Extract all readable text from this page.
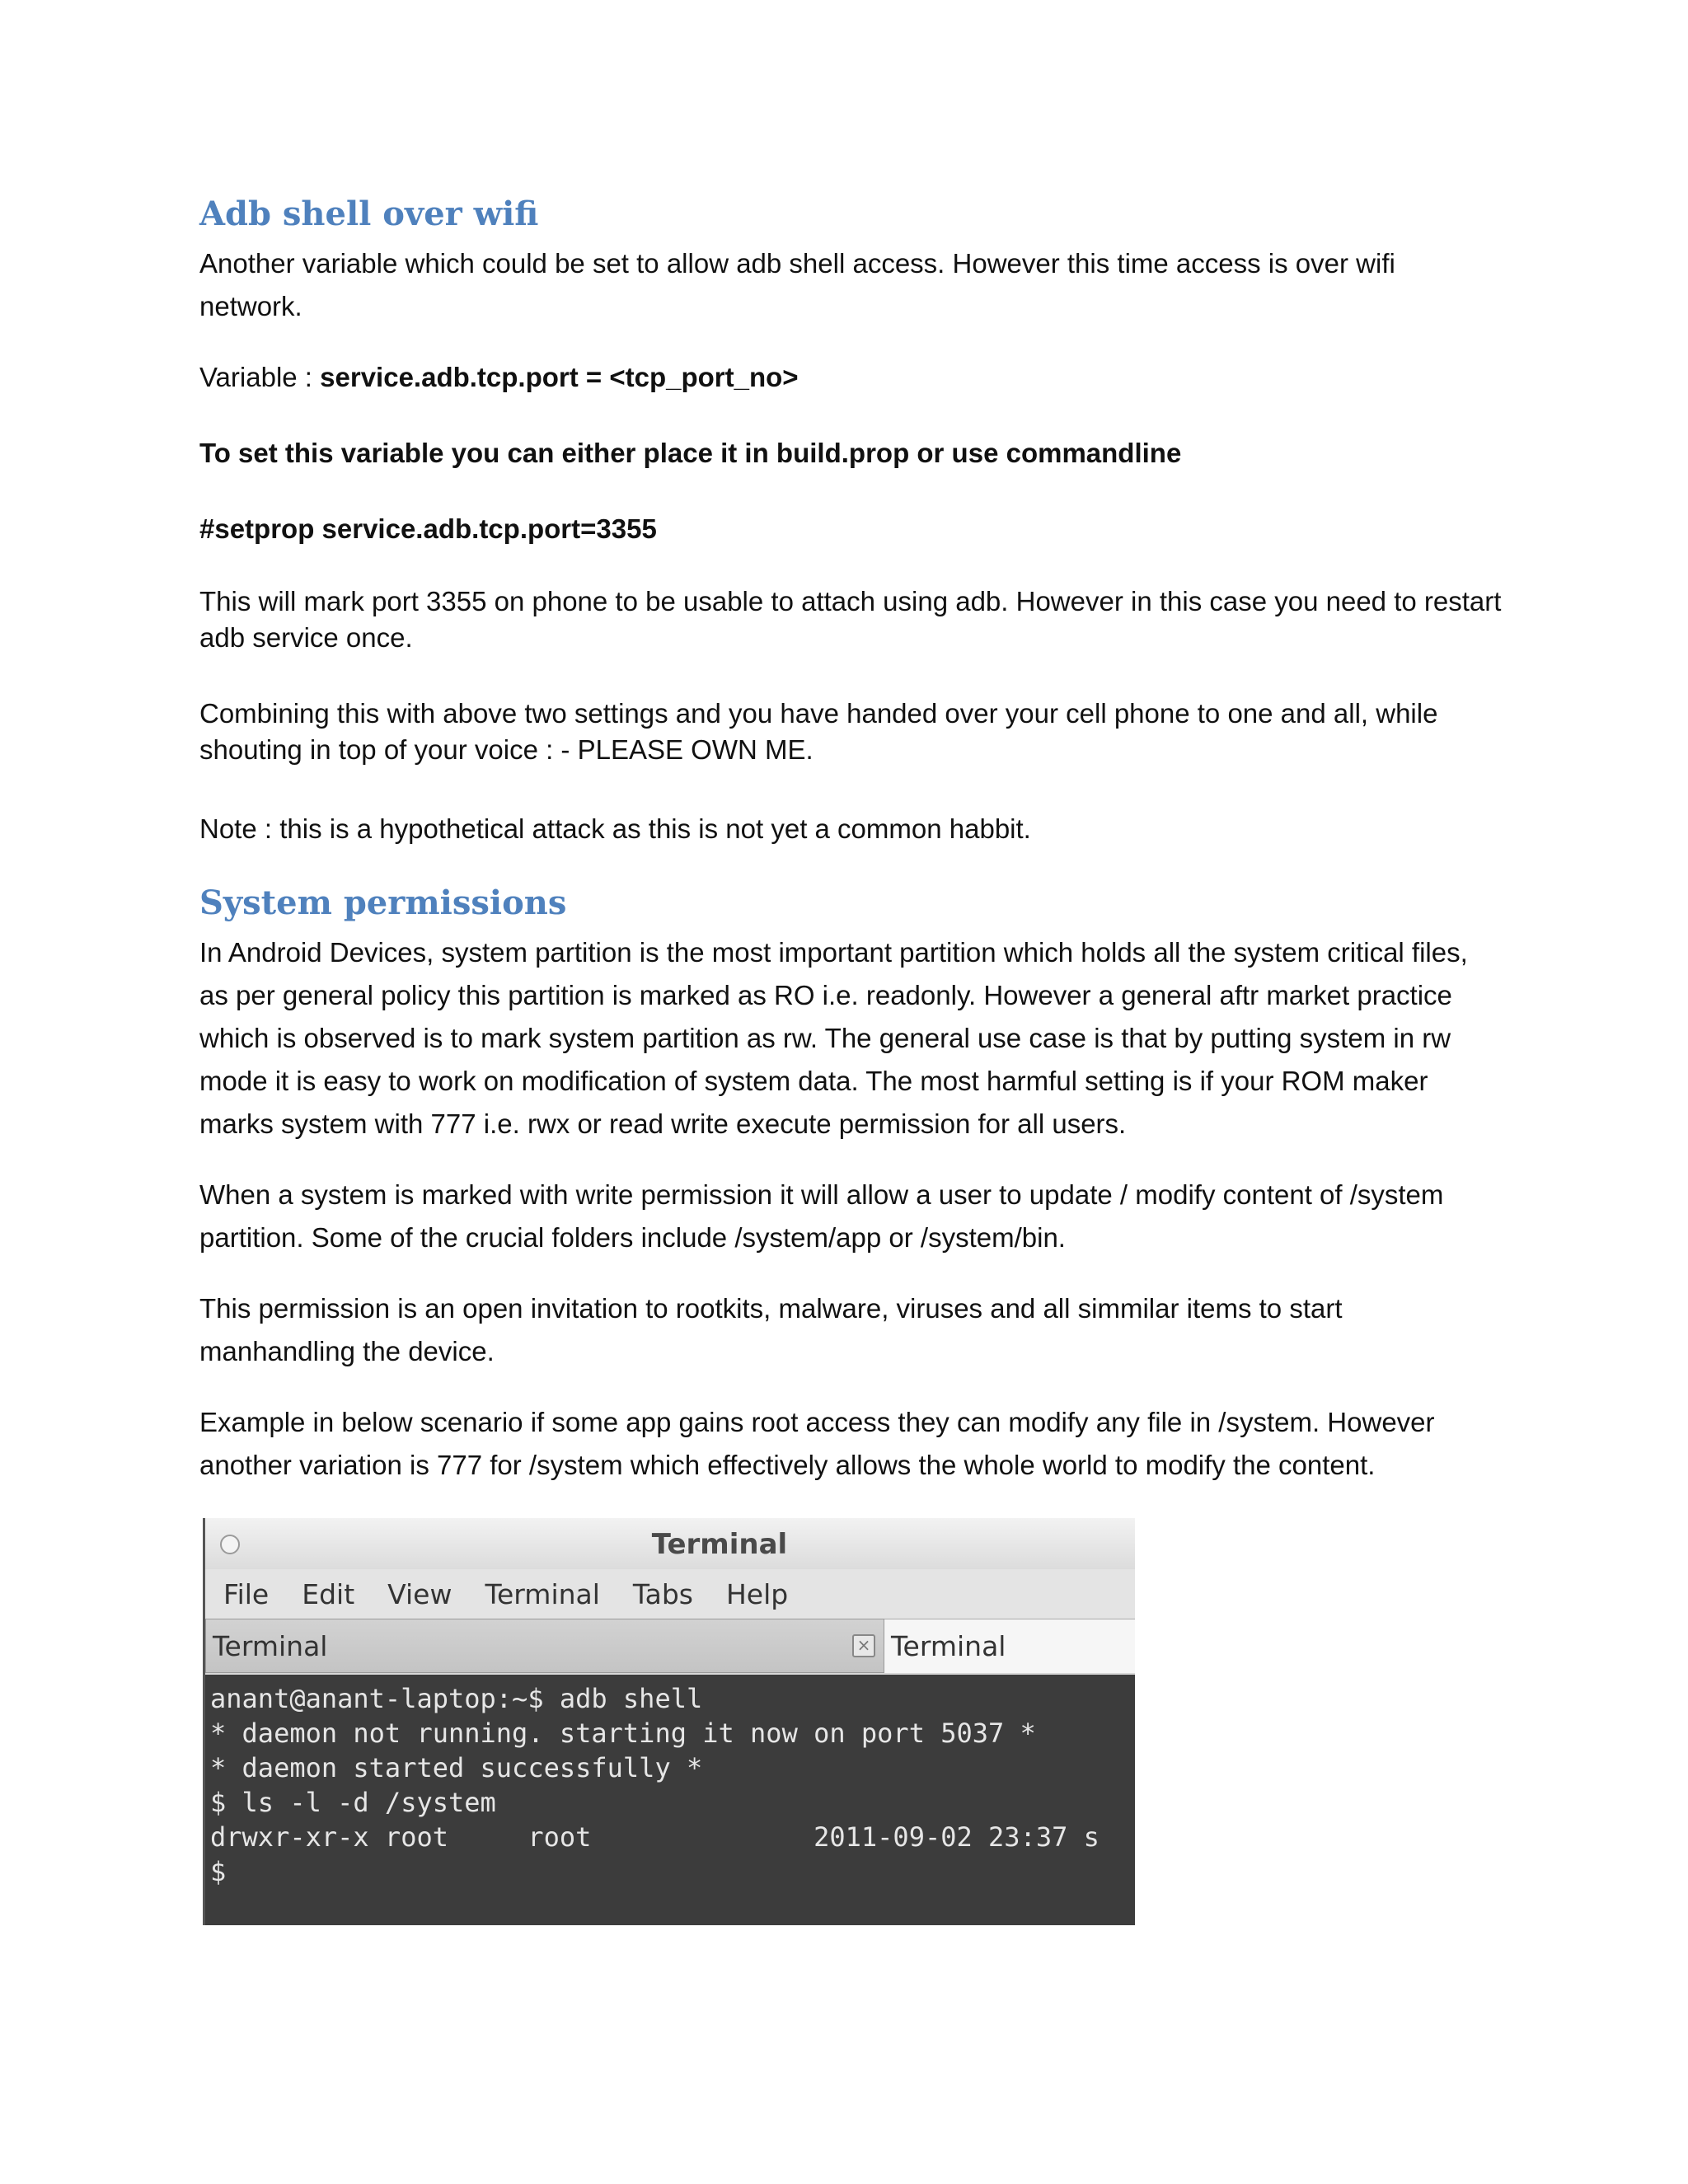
Adb shell over wifi

Another variable which could be set to allow adb shell access. However this time access is over wifi network.

Variable : service.adb.tcp.port = <tcp_port_no>

To set this variable you can either place it in build.prop or use commandline

#setprop service.adb.tcp.port=3355

This will mark port 3355 on phone to be usable to attach using adb. However in this case you need to restart adb service once.

Combining this with above two settings and you have handed over your cell phone to one and all, while shouting in top of your voice : - PLEASE OWN ME.

Note : this is a hypothetical attack as this is not yet a common habbit.

System permissions

In Android Devices, system partition is the most important partition which holds all the system critical files, as per general policy this partition is marked as RO i.e. readonly. However a general aftr market practice which is observed is to mark system partition as rw. The general use case is that by putting system in rw mode it is easy to work on modification of system data. The most harmful setting is if your ROM maker marks system with 777 i.e. rwx or read write execute permission for all users.

When a system is marked with write permission it will allow a user to update / modify content of /system partition. Some of the crucial folders include /system/app or /system/bin.

This permission is an open invitation to rootkits, malware, viruses and all simmilar items to start manhandling the device.

Example in below scenario if some app gains root access they can modify any file in /system. However another variation is 777 for /system which effectively allows the whole world to modify the content.

Terminal
File Edit View Terminal Tabs Help
Terminal	× Terminal
anant@anant-laptop:~$ adb shell
* daemon not running. starting it now on port 5037 *
* daemon started successfully *
$ ls -l -d /system
drwxr-xr-x root     root              2011-09-02 23:37 s
$
